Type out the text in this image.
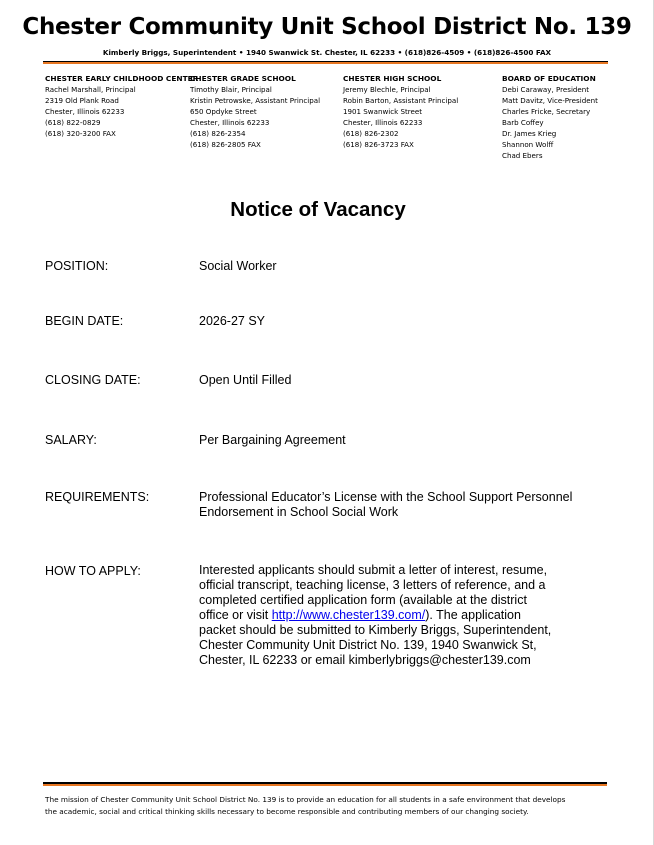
Chester Community Unit School District No. 139
Kimberly Briggs, Superintendent • 1940 Swanwick St. Chester, IL 62233 • (618)826-4509 • (618)826-4500 FAX
CHESTER EARLY CHILDHOOD CENTER
Rachel Marshall, Principal
2319 Old Plank Road
Chester, Illinois 62233
(618) 822-0829
(618) 320-3200 FAX
CHESTER GRADE SCHOOL
Timothy Blair, Principal
Kristin Petrowske, Assistant Principal
650 Opdyke Street
Chester, Illinois 62233
(618) 826-2354
(618) 826-2805 FAX
CHESTER HIGH SCHOOL
Jeremy Blechle, Principal
Robin Barton, Assistant Principal
1901 Swanwick Street
Chester, Illinois 62233
(618) 826-2302
(618) 826-3723 FAX
BOARD OF EDUCATION
Debi Caraway, President
Matt Davitz, Vice-President
Charles Fricke, Secretary
Barb Coffey
Dr. James Krieg
Shannon Wolff
Chad Ebers
Notice of Vacancy
POSITION:	Social Worker
BEGIN DATE:	2026-27 SY
CLOSING DATE:	Open Until Filled
SALARY:	Per Bargaining Agreement
REQUIREMENTS:	Professional Educator’s License with the School Support Personnel
Endorsement in School Social Work
HOW TO APPLY:	Interested applicants should submit a letter of interest, resume,
official transcript, teaching license, 3 letters of reference, and a
completed certified application form (available at the district
office or visit http://www.chester139.com/). The application
packet should be submitted to Kimberly Briggs, Superintendent,
Chester Community Unit District No. 139, 1940 Swanwick St,
Chester, IL 62233 or email kimberlybriggs@chester139.com
The mission of Chester Community Unit School District No. 139 is to provide an education for all students in a safe environment that develops
the academic, social and critical thinking skills necessary to become responsible and contributing members of our changing society.
